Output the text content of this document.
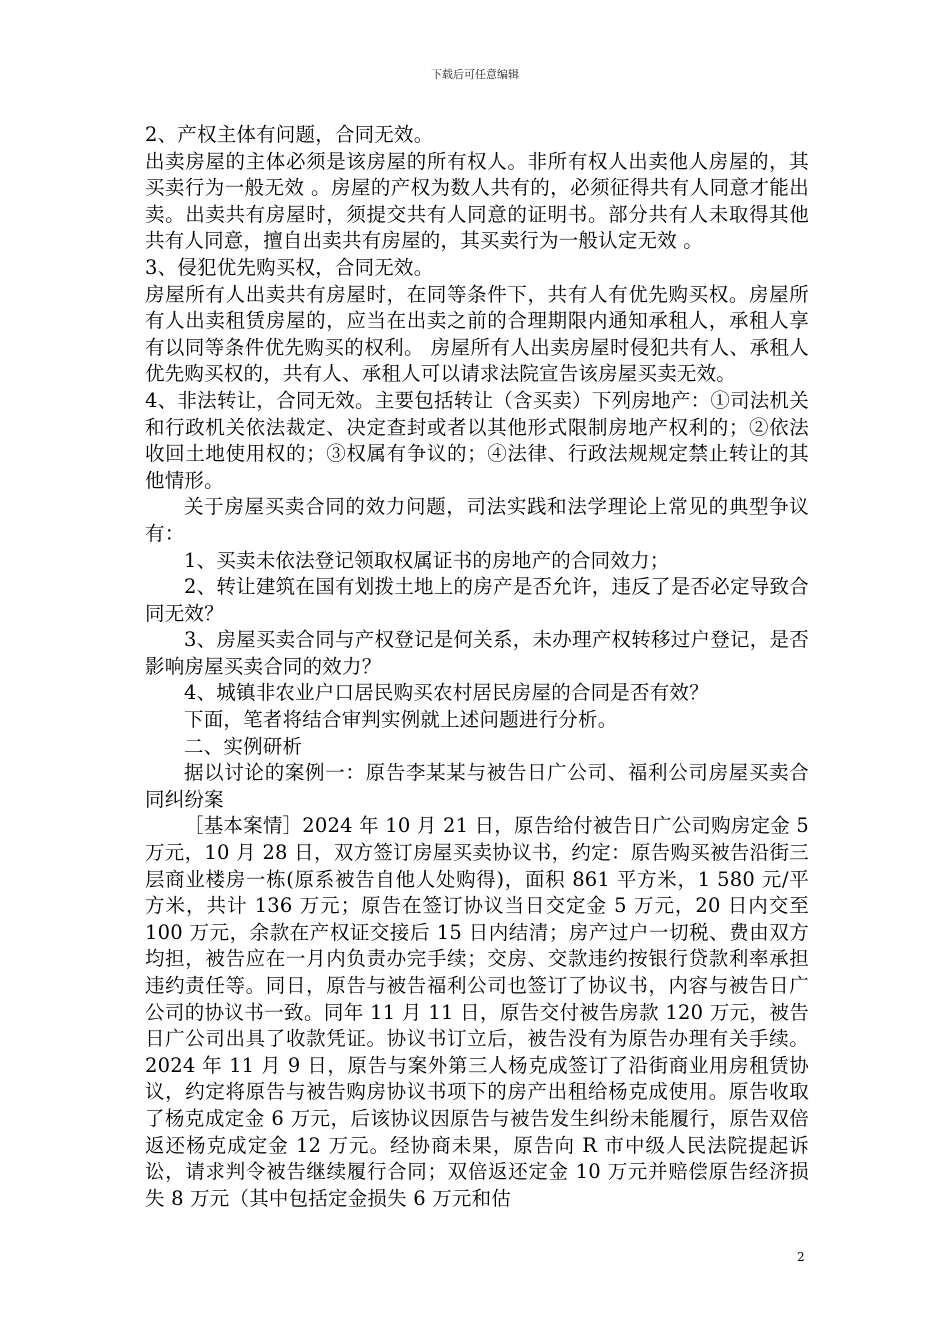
下载后可任意编辑

2、产权主体有问题，合同无效。

出卖房屋的主体必须是该房屋的所有权人。非所有权人出卖他人房屋的，其买卖行为一般无效 。房屋的产权为数人共有的，必须征得共有人同意才能出卖。出卖共有房屋时，须提交共有人同意的证明书。部分共有人未取得其他共有人同意，擅自出卖共有房屋的，其买卖行为一般认定无效 。

3、侵犯优先购买权，合同无效。

房屋所有人出卖共有房屋时，在同等条件下，共有人有优先购买权。房屋所有人出卖租赁房屋的，应当在出卖之前的合理期限内通知承租人，承租人享有以同等条件优先购买的权利。 房屋所有人出卖房屋时侵犯共有人、承租人优先购买权的，共有人、承租人可以请求法院宣告该房屋买卖无效。

4、非法转让，合同无效。主要包括转让（含买卖）下列房地产：①司法机关和行政机关依法裁定、决定查封或者以其他形式限制房地产权利的；②依法收回土地使用权的；③权属有争议的；④法律、行政法规规定禁止转让的其他情形。

关于房屋买卖合同的效力问题，司法实践和法学理论上常见的典型争议有：

1、买卖未依法登记领取权属证书的房地产的合同效力；

2、转让建筑在国有划拨土地上的房产是否允许，违反了是否必定导致合同无效？

3、房屋买卖合同与产权登记是何关系，未办理产权转移过户登记，是否影响房屋买卖合同的效力？

4、城镇非农业户口居民购买农村居民房屋的合同是否有效？

下面，笔者将结合审判实例就上述问题进行分析。

二、实例研析

据以讨论的案例一：原告李某某与被告日广公司、福利公司房屋买卖合同纠纷案

［基本案情］2024 年 10 月 21 日，原告给付被告日广公司购房定金 5 万元，10 月 28 日，双方签订房屋买卖协议书，约定：原告购买被告沿街三层商业楼房一栋(原系被告自他人处购得)，面积 861 平方米，1 580 元/平方米，共计 136 万元；原告在签订协议当日交定金 5 万元，20 日内交至 100 万元，余款在产权证交接后 15 日内结清；房产过户一切税、费由双方均担，被告应在一月内负责办完手续；交房、交款违约按银行贷款利率承担违约责任等。同日，原告与被告福利公司也签订了协议书，内容与被告日广公司的协议书一致。同年 11 月 11 日，原告交付被告房款 120 万元，被告日广公司出具了收款凭证。协议书订立后，被告没有为原告办理有关手续。2024 年 11 月 9 日，原告与案外第三人杨克成签订了沿街商业用房租赁协议，约定将原告与被告购房协议书项下的房产出租给杨克成使用。原告收取了杨克成定金 6 万元，后该协议因原告与被告发生纠纷未能履行，原告双倍返还杨克成定金 12 万元。经协商未果，原告向 R 市中级人民法院提起诉讼，请求判令被告继续履行合同；双倍返还定金 10 万元并赔偿原告经济损失 8 万元（其中包括定金损失 6 万元和估

2
